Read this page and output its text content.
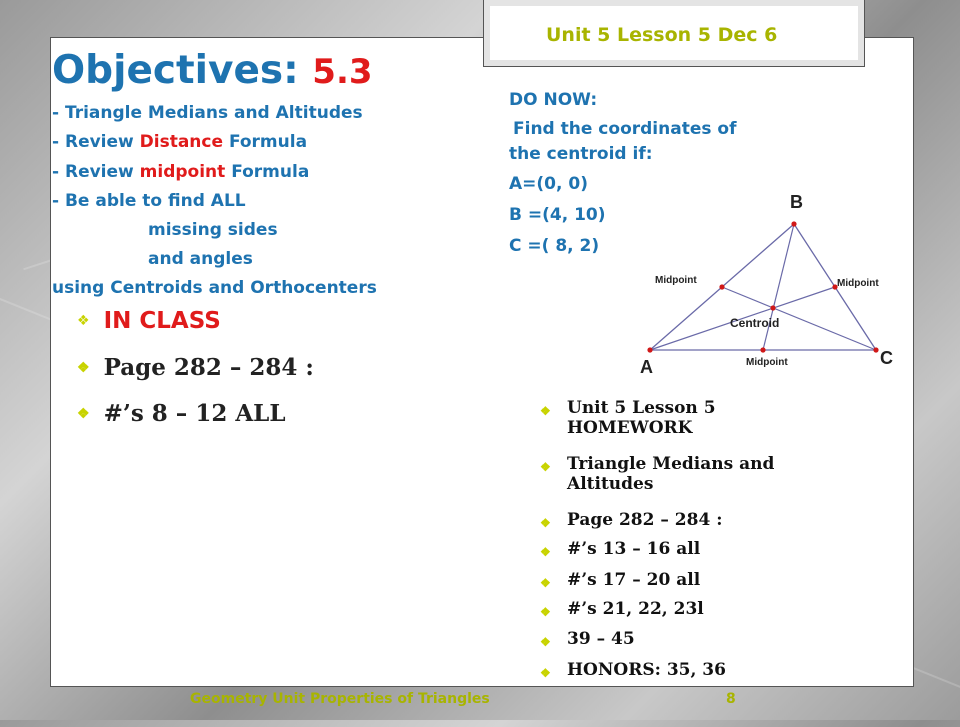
Unit 5 Lesson 5 Dec 6
Objectives: 5.3
- Triangle Medians and Altitudes
- Review Distance Formula
- Review midpoint Formula
- Be able to find ALL
missing sides
and angles
using Centroids and Orthocenters
DO NOW:
Find the coordinates of
the centroid if:
A=(0, 0)
B =(4, 10)
C =( 8, 2)
❖ IN CLASS
❖ Page 282 – 284 :
❖ #’s 8 – 12 ALL
A
B
C
Midpoint	Midpoint
Midpoint
Centroid
❖ Unit 5 Lesson 5 HOMEWORK
❖ Triangle Medians and Altitudes
❖ Page 282 – 284 :
❖ #’s 13 – 16 all
❖ #’s 17 – 20 all
❖ #’s 21, 22, 23l
❖ 39 – 45
❖ HONORS: 35, 36
Geometry Unit Properties of Triangles	8
